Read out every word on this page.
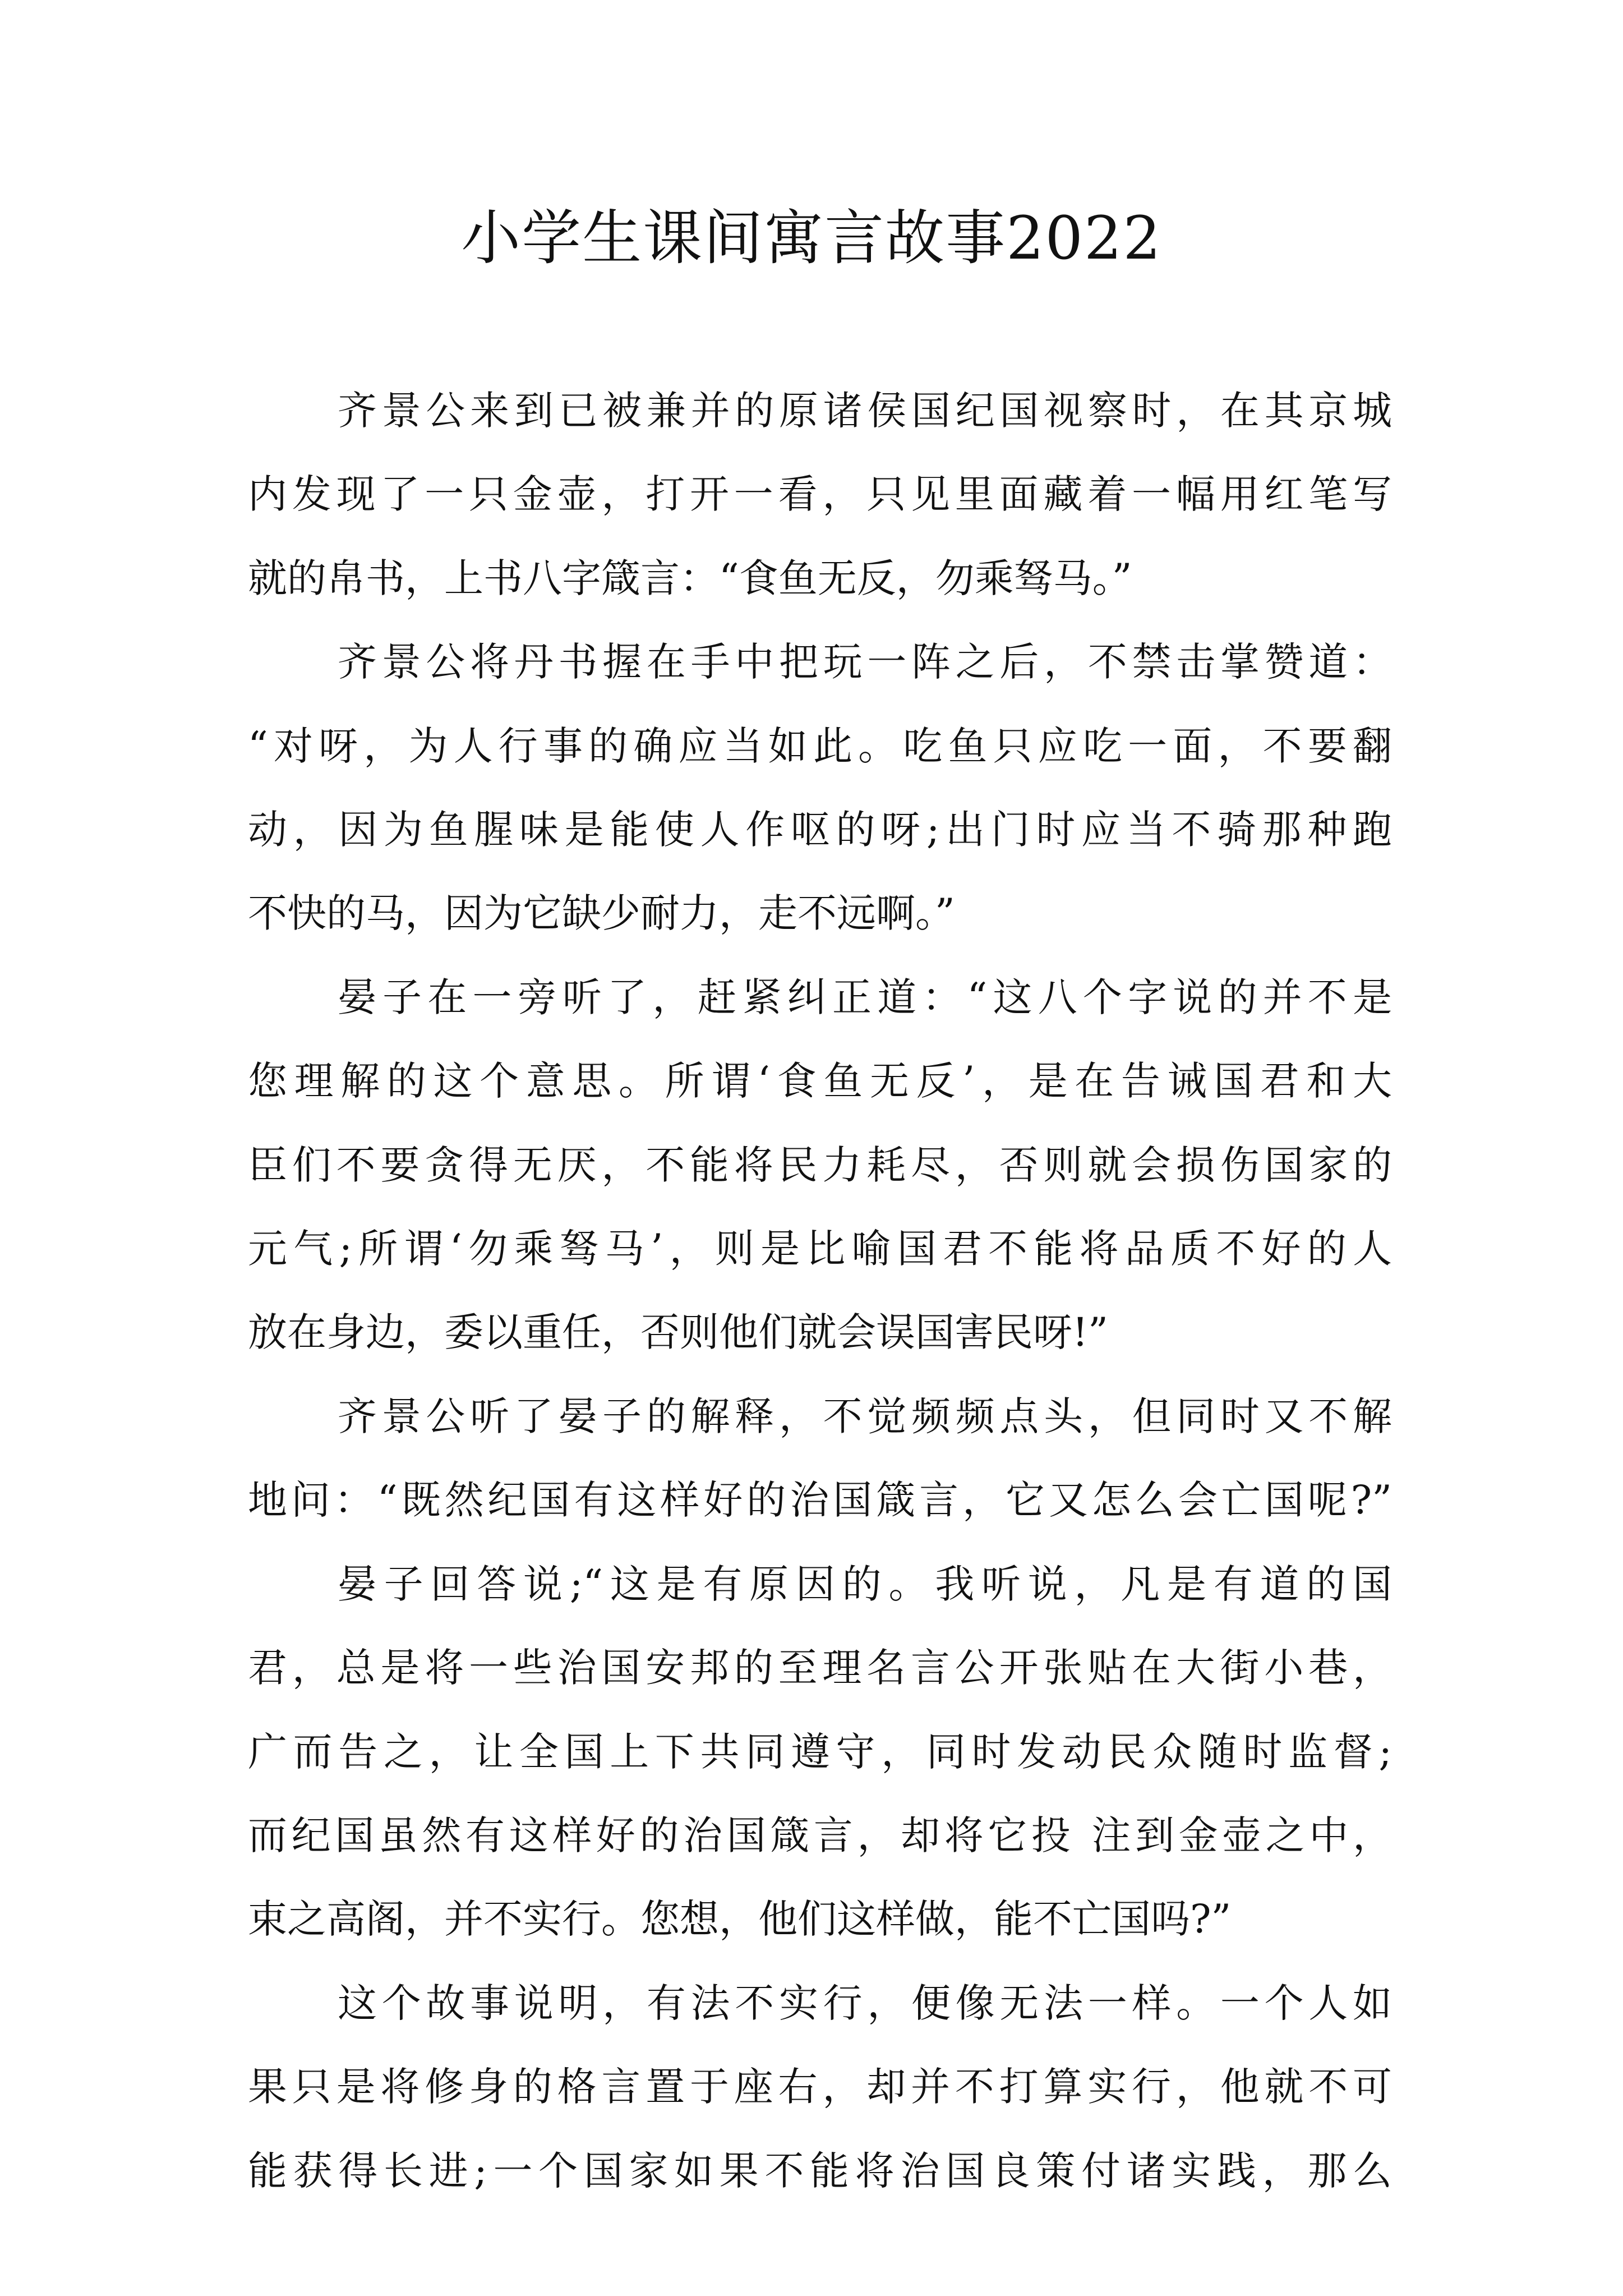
小学生课间寓言故事2022

齐景公来到已被兼并的原诸侯国纪国视察时，在其京城
内发现了一只金壶，打开一看，只见里面藏着一幅用红笔写
就的帛书，上书八字箴言：“食鱼无反，勿乘驽马。”

齐景公将丹书握在手中把玩一阵之后，不禁击掌赞道：
“对呀，为人行事的确应当如此。吃鱼只应吃一面，不要翻
动，因为鱼腥味是能使人作呕的呀;出门时应当不骑那种跑
不快的马，因为它缺少耐力，走不远啊。”

晏子在一旁听了，赶紧纠正道：“这八个字说的并不是
您理解的这个意思。所谓‘食鱼无反’，是在告诫国君和大
臣们不要贪得无厌，不能将民力耗尽，否则就会损伤国家的
元气;所谓‘勿乘驽马’，则是比喻国君不能将品质不好的人
放在身边，委以重任，否则他们就会误国害民呀!”

齐景公听了晏子的解释，不觉频频点头，但同时又不解
地问：“既然纪国有这样好的治国箴言，它又怎么会亡国呢?”

晏子回答说;“这是有原因的。我听说，凡是有道的国
君，总是将一些治国安邦的至理名言公开张贴在大街小巷，
广而告之，让全国上下共同遵守，同时发动民众随时监督;
而纪国虽然有这样好的治国箴言，却将它投 注到金壶之中，
束之高阁，并不实行。您想，他们这样做，能不亡国吗?”

这个故事说明，有法不实行，便像无法一样。一个人如
果只是将修身的格言置于座右，却并不打算实行，他就不可
能获得长进;一个国家如果不能将治国良策付诸实践，那么
